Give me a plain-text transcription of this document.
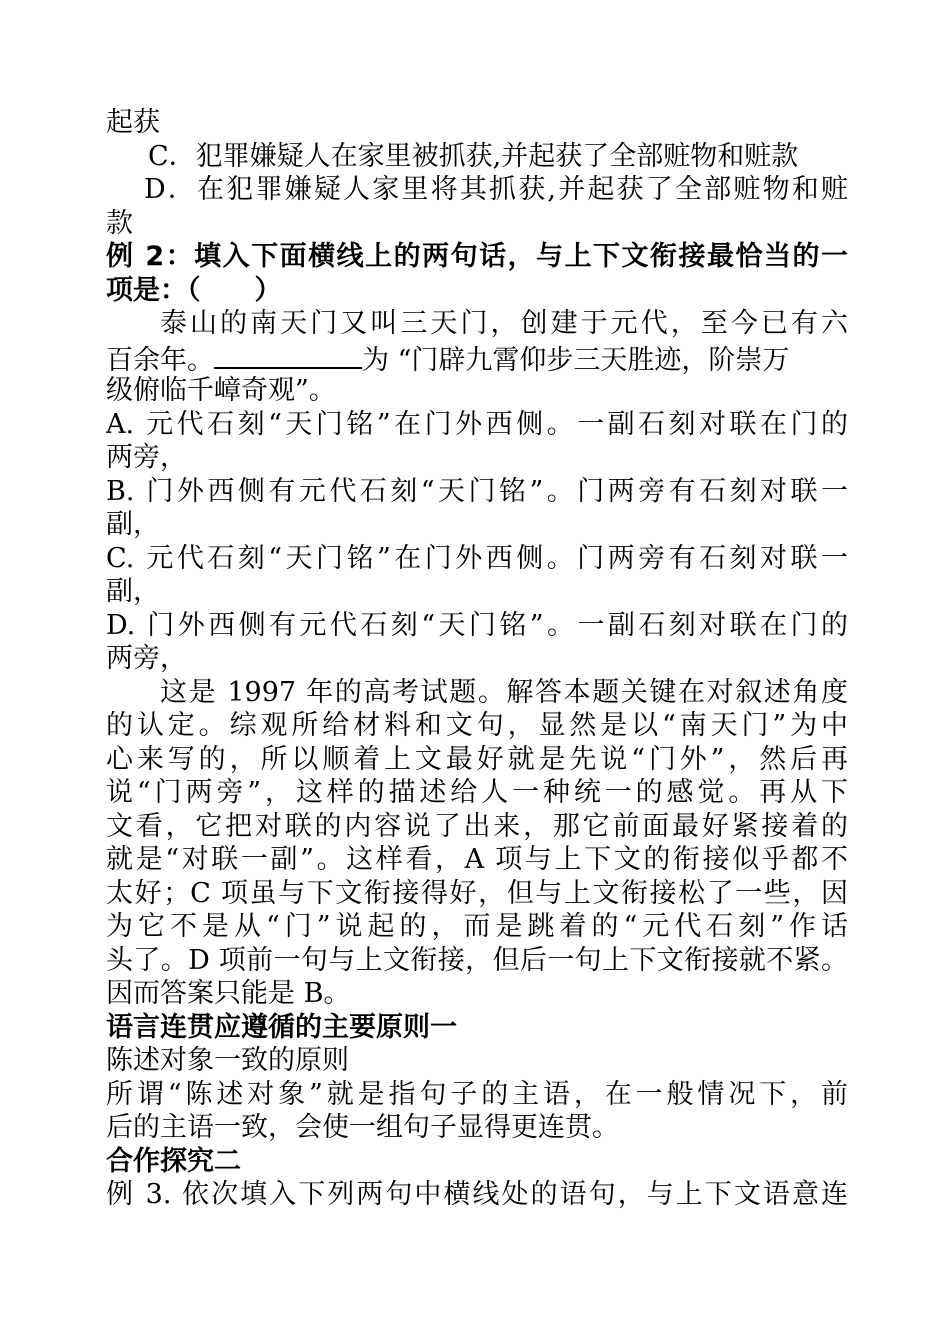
起获
C．犯罪嫌疑人在家里被抓获,并起获了全部赃物和赃款
D．在犯罪嫌疑人家里将其抓获,并起获了全部赃物和赃
款
例 2：填入下面横线上的两句话，与上下文衔接最恰当的一
项是：（　　）
泰山的南天门又叫三天门，创建于元代，至今已有六
百余年。	为 “门辟九霄仰步三天胜迹，阶崇万
级俯临千嶂奇观”。
A. 元代石刻“天门铭”在门外西侧。一副石刻对联在门的
两旁，
B. 门外西侧有元代石刻“天门铭”。门两旁有石刻对联一
副，
C. 元代石刻“天门铭”在门外西侧。门两旁有石刻对联一
副，
D. 门外西侧有元代石刻“天门铭”。一副石刻对联在门的
两旁，
这是 1997 年的高考试题。解答本题关键在对叙述角度
的认定。综观所给材料和文句，显然是以“南天门”为中
心来写的，所以顺着上文最好就是先说“门外”，然后再
说“门两旁”，这样的描述给人一种统一的感觉。再从下
文看，它把对联的内容说了出来，那它前面最好紧接着的
就是“对联一副”。这样看，A 项与上下文的衔接似乎都不
太好；C 项虽与下文衔接得好，但与上文衔接松了一些，因
为它不是从“门”说起的，而是跳着的“元代石刻”作话
头了。D 项前一句与上文衔接，但后一句上下文衔接就不紧。
因而答案只能是 B。
语言连贯应遵循的主要原则一
陈述对象一致的原则
所谓“陈述对象”就是指句子的主语，在一般情况下，前
后的主语一致，会使一组句子显得更连贯。
合作探究二
例 3. 依次填入下列两句中横线处的语句，与上下文语意连
